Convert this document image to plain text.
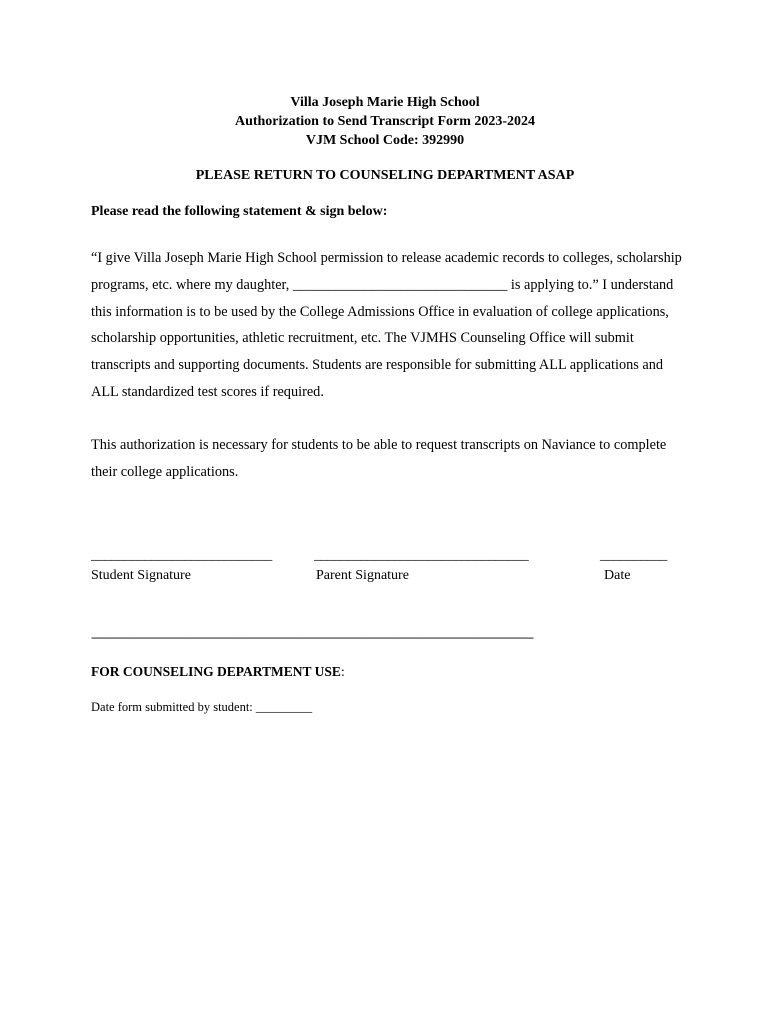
Villa Joseph Marie High School
Authorization to Send Transcript Form 2023-2024
VJM School Code: 392990
PLEASE RETURN TO COUNSELING DEPARTMENT ASAP
Please read the following statement & sign below:

“I give Villa Joseph Marie High School permission to release academic records to colleges, scholarship programs, etc. where my daughter, ______________________________ is applying to.” I understand this information is to be used by the College Admissions Office in evaluation of college applications, scholarship opportunities, athletic recruitment, etc. The VJMHS Counseling Office will submit transcripts and supporting documents. Students are responsible for submitting ALL applications and ALL standardized test scores if required.

This authorization is necessary for students to be able to request transcripts on Naviance to complete their college applications.
___________________________
Student Signature
________________________________
Parent Signature
__________
Date
--------------------------------------------------------------------------------------------------------------------------------------------------------------
FOR COUNSELING DEPARTMENT USE:
Date form submitted by student: _________
